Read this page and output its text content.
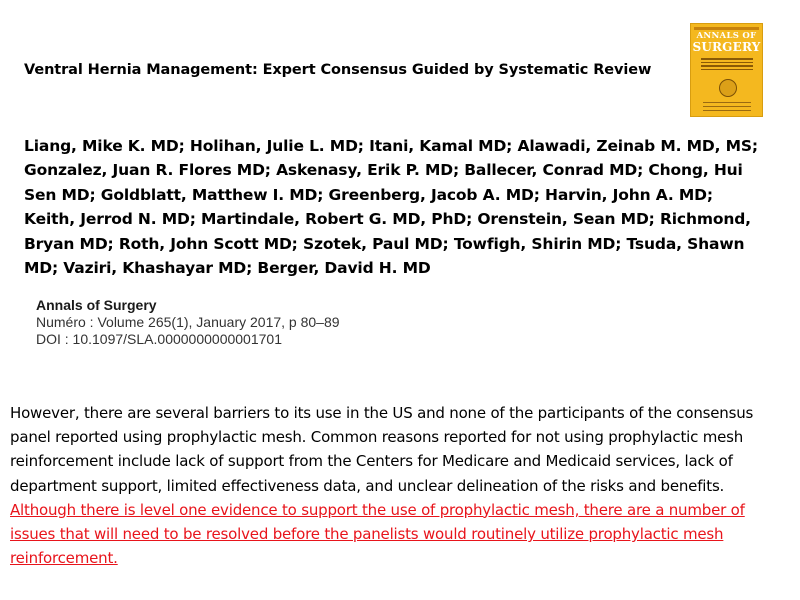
Ventral Hernia Management: Expert Consensus Guided by Systematic Review
ANNALS OF
SURGERY
Liang, Mike K. MD; Holihan, Julie L. MD; Itani, Kamal MD; Alawadi, Zeinab M. MD, MS; Gonzalez, Juan R. Flores MD; Askenasy, Erik P. MD; Ballecer, Conrad MD; Chong, Hui Sen MD; Goldblatt, Matthew I. MD; Greenberg, Jacob A. MD; Harvin, John A. MD; Keith, Jerrod N. MD; Martindale, Robert G. MD, PhD; Orenstein, Sean MD; Richmond, Bryan MD; Roth, John Scott MD; Szotek, Paul MD; Towfigh, Shirin MD; Tsuda, Shawn MD; Vaziri, Khashayar MD; Berger, David H. MD
Annals of Surgery
Numéro : Volume 265(1), January 2017, p 80–89
DOI : 10.1097/SLA.0000000000001701
However, there are several barriers to its use in the US and none of the participants of the consensus panel reported using prophylactic mesh. Common reasons reported for not using prophylactic mesh reinforcement include lack of support from the Centers for Medicare and Medicaid services, lack of department support, limited effectiveness data, and unclear delineation of the risks and benefits. Although there is level one evidence to support the use of prophylactic mesh, there are a number of issues that will need to be resolved before the panelists would routinely utilize prophylactic mesh reinforcement.
